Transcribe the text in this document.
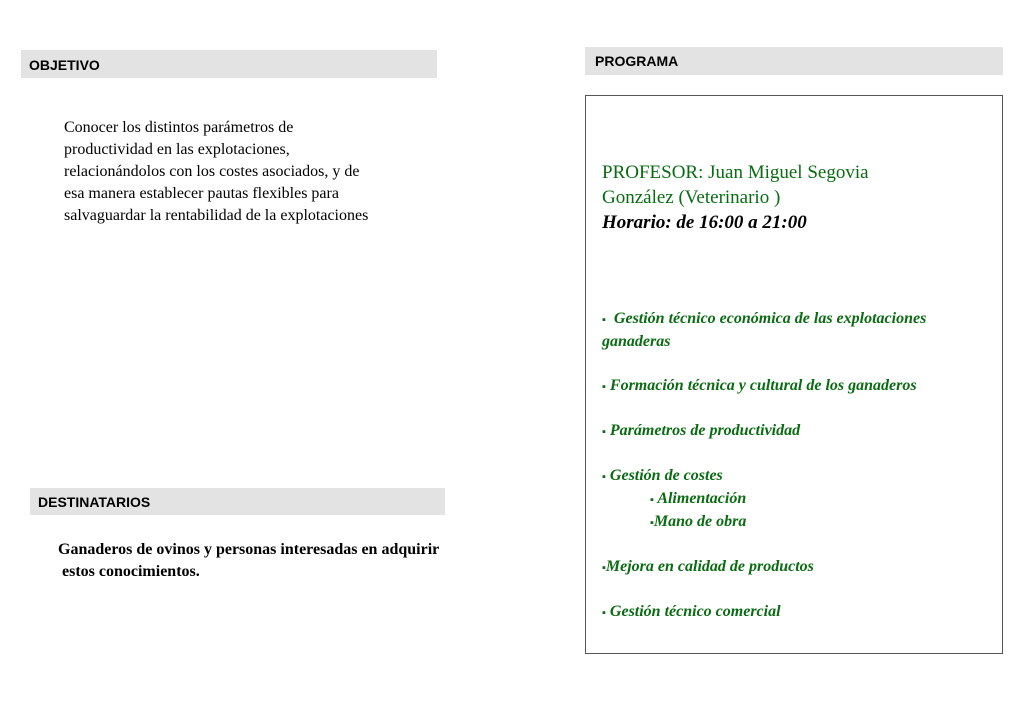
OBJETIVO

Conocer los distintos parámetros de
productividad en las explotaciones,
relacionándolos con los costes asociados, y de
esa manera establecer pautas flexibles para
salvaguardar la rentabilidad de la explotaciones

DESTINATARIOS

Ganaderos de ovinos y personas interesadas en adquirir
estos conocimientos.

PROGRAMA
PROFESOR: Juan Miguel Segovia
González (Veterinario )
Horario: de 16:00 a 21:00
▪ Gestión técnico económica de las explotaciones
ganaderas
▪ Formación técnica y cultural de los ganaderos
▪ Parámetros de productividad
▪ Gestión de costes
▪ Alimentación
▪Mano de obra
▪Mejora en calidad de productos
▪ Gestión técnico comercial
